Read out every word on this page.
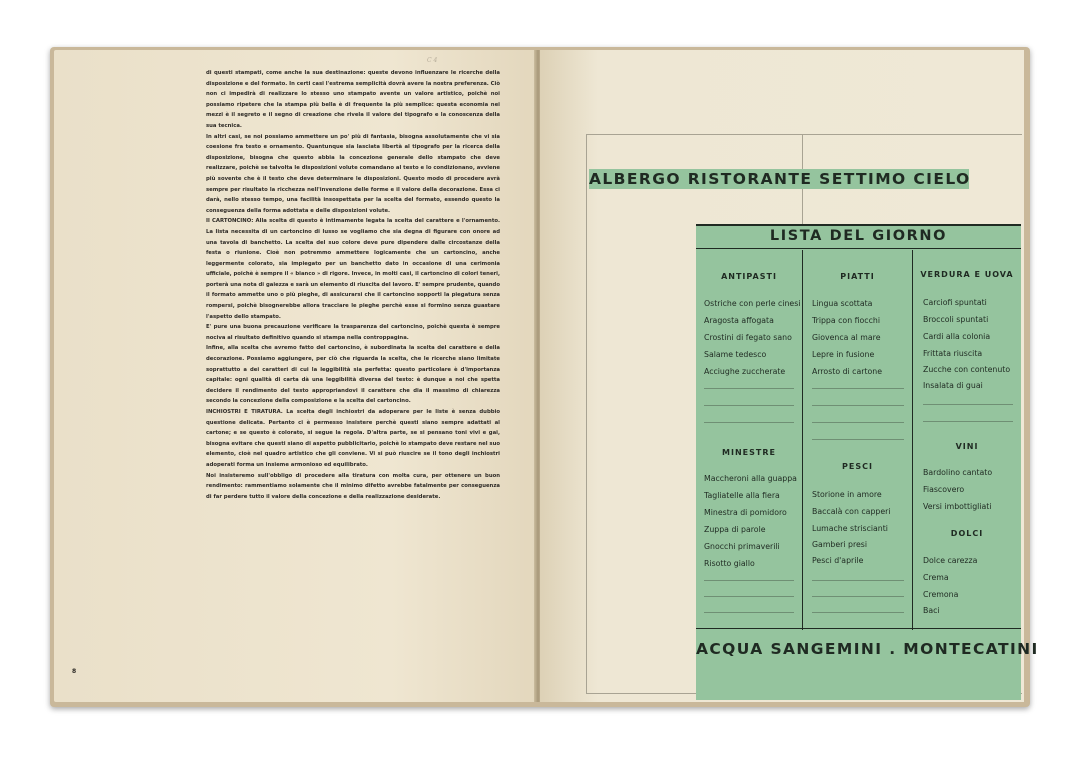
C 4

di questi stampati, come anche la sua destinazione: queste devono influenzare le ricerche della disposizione e del formato. In certi casi l'estrema semplicità dovrà avere la nostra preferenza. Ciò non ci impedirà di realizzare lo stesso uno stampato avente un valore artistico, poichè noi possiamo ripetere che la stampa più bella è di frequente la più semplice: questa economia nei mezzi è il segreto e il segno di creazione che rivela il valore del tipografo e la conoscenza della sua tecnica.

In altri casi, se noi possiamo ammettere un po' più di fantasia, bisogna assolutamente che vi sia coesione fra testo e ornamento. Quantunque sia lasciata libertà al tipografo per la ricerca della disposizione, bisogna che questo abbia la concezione generale dello stampato che deve realizzare, poichè se talvolta le disposizioni volute comandano al testo e lo condizionano, avviene più sovente che è il testo che deve determinare le disposizioni. Questo modo di procedere avrà sempre per risultato la ricchezza nell'invenzione delle forme e il valore della decorazione. Essa ci darà, nello stesso tempo, una facilità insospettata per la scelta del formato, essendo questo la conseguenza della forma adottata e delle disposizioni volute.

Il CARTONCINO: Alla scelta di questo è intimamente legata la scelta del carattere e l'ornamento. La lista necessita di un cartoncino di lusso se vogliamo che sia degna di figurare con onore ad una tavola di banchetto. La scelta del suo colore deve pure dipendere dalle circostanze della festa o riunione. Cioè non potremmo ammettere logicamente che un cartoncino, anche leggermente colorato, sia impiegato per un banchetto dato in occasione di una cerimonia ufficiale, poichè è sempre il « bianco » di rigore. Invece, in molti casi, il cartoncino di colori teneri, porterà una nota di gaiezza e sarà un elemento di riuscita del lavoro. E' sempre prudente, quando il formato ammette uno o più pieghe, di assicurarsi che il cartoncino sopporti la piegatura senza rompersi, poichè bisognerebbe allora tracciare le pieghe perchè esse si formino senza guastare l'aspetto dello stampato.

E' pure una buona precauzione verificare la trasparenza del cartoncino, poichè questa è sempre nociva al risultato definitivo quando si stampa nella controppagina.

Infine, alla scelta che avremo fatto del cartoncino, è subordinata la scelta del carattere e della decorazione. Possiamo aggiungere, per ciò che riguarda la scelta, che le ricerche siano limitate soprattutto a dei caratteri di cui la leggibilità sia perfetta: questo particolare è d'importanza capitale: ogni qualità di carta dà una leggibilità diversa del testo: è dunque a noi che spetta decidere il rendimento del testo appropriandovi il carattere che dia il massimo di chiarezza secondo la concezione della composizione e la scelta del cartoncino.

INCHIOSTRI E TIRATURA. La scelta degli inchiostri da adoperare per le liste è senza dubbio questione delicata. Pertanto ci è permesso insistere perchè questi siano sempre adattati al cartone; e se questo è colorato, si segue la regola. D'altra parte, se si pensano toni vivi e gai, bisogna evitare che questi siano di aspetto pubblicitario, poichè lo stampato deve restare nel suo elemento, cioè nel quadro artistico che gli conviene. Vi si può riuscire se il tono degli inchiostri adoperati forma un insieme armonioso ed equilibrato.

Noi insisteremo sull'obbligo di procedere alla tiratura con molta cura, per ottenere un buon rendimento: rammentiamo solamente che il minimo difetto avrebbe fatalmente per conseguenza di far perdere tutto il valore della concezione e della realizzazione desiderate.

8
ALBERGO RISTORANTE SETTIMO CIELO
LISTA DEL GIORNO
ANTIPASTI
Ostriche con perle cinesi
Aragosta affogata
Crostini di fegato sano
Salame tedesco
Acciughe zuccherate
MINESTRE
Maccheroni alla guappa
Tagliatelle alla fiera
Minestra di pomidoro
Zuppa di parole
Gnocchi primaverili
Risotto giallo
PIATTI
Lingua scottata
Trippa con fiocchi
Giovenca al mare
Lepre in fusione
Arrosto di cartone
PESCI
Storione in amore
Baccalà con capperi
Lumache striscianti
Gamberi presi
Pesci d'aprile
VERDURA E UOVA
Carciofi spuntati
Broccoli spuntati
Cardi alla colonia
Frittata riuscita
Zucche con contenuto
Insalata di guai
VINI
Bardolino cantato
Fiascovero
Versi imbottigliati
DOLCI
Dolce carezza
Crema
Cremona
Baci
ACQUA SANGEMINI . MONTECATINI
